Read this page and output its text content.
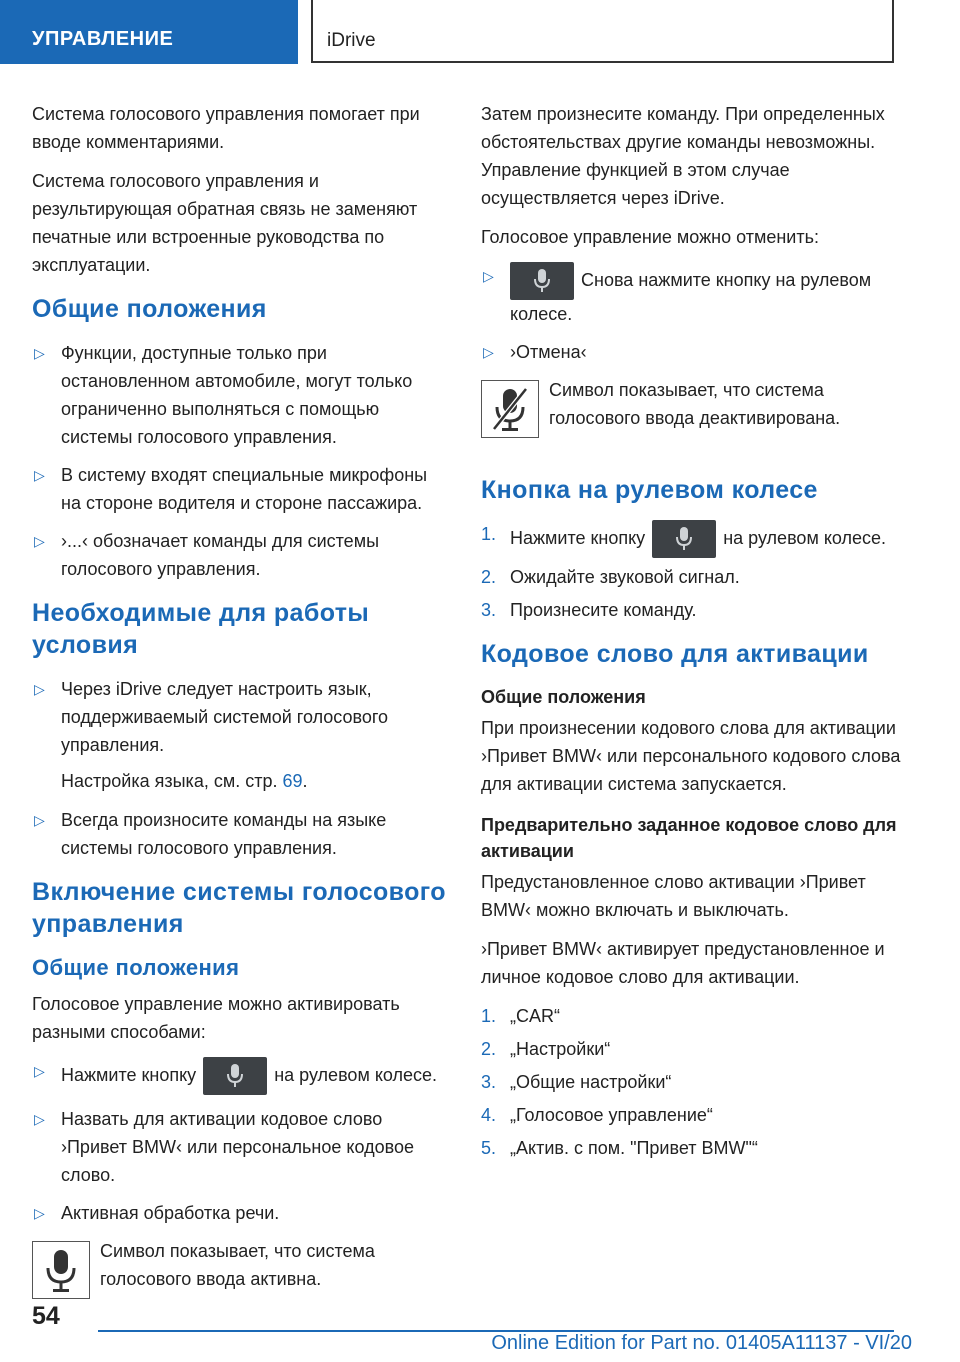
УПРАВЛЕНИЕ	iDrive

Система голосового управления помогает при вводе комментариями.

Система голосового управления и результирующая обратная связь не заменяют печатные или встроенные руководства по эксплуатации.

Общие положения
▷ Функции, доступные только при остановленном автомобиле, могут только ограниченно выполняться с помощью системы голосового управления.
▷ В систему входят специальные микрофоны на стороне водителя и стороне пассажира.
▷ ›...‹ обозначает команды для системы голосового управления.
Необходимые для работы условия
▷ Через iDrive следует настроить язык, поддерживаемый системой голосового управления.

Настройка языка, см. стр. 69.

▷ Всегда произносите команды на языке системы голосового управления.
Включение системы голосового управления
Общие положения

Голосовое управление можно активировать разными способами:

▷ Нажмите кнопку	на рулевом колесе.
▷ Назвать для активации кодовое слово ›Привет BMW‹ или персональное кодовое слово.
▷ Активная обработка речи.

Символ показывает, что система голосового ввода активна.

Затем произнесите команду. При определенных обстоятельствах другие команды невозможны. Управление функцией в этом случае осуществляется через iDrive.

Голосовое управление можно отменить:

▷	Снова нажмите кнопку на рулевом колесе.
▷ ›Отмена‹

Символ показывает, что система голосового ввода деактивирована.

Кнопка на рулевом колесе
1. Нажмите кнопку	на рулевом колесе.
2. Ожидайте звуковой сигнал.
3. Произнесите команду.
Кодовое слово для активации
Общие положения

При произнесении кодового слова для активации ›Привет BMW‹ или персонального кодового слова для активации система запускается.

Предварительно заданное кодовое слово для активации

Предустановленное слово активации ›Привет BMW‹ можно включать и выключать.

›Привет BMW‹ активирует предустановленное и личное кодовое слово для активации.

1. „CAR“
2. „Настройки“
3. „Общие настройки“
4. „Голосовое управление“
5. „Актив. с пом. "Привет BMW"“
54
Online Edition for Part no. 01405A11137 - VI/20
